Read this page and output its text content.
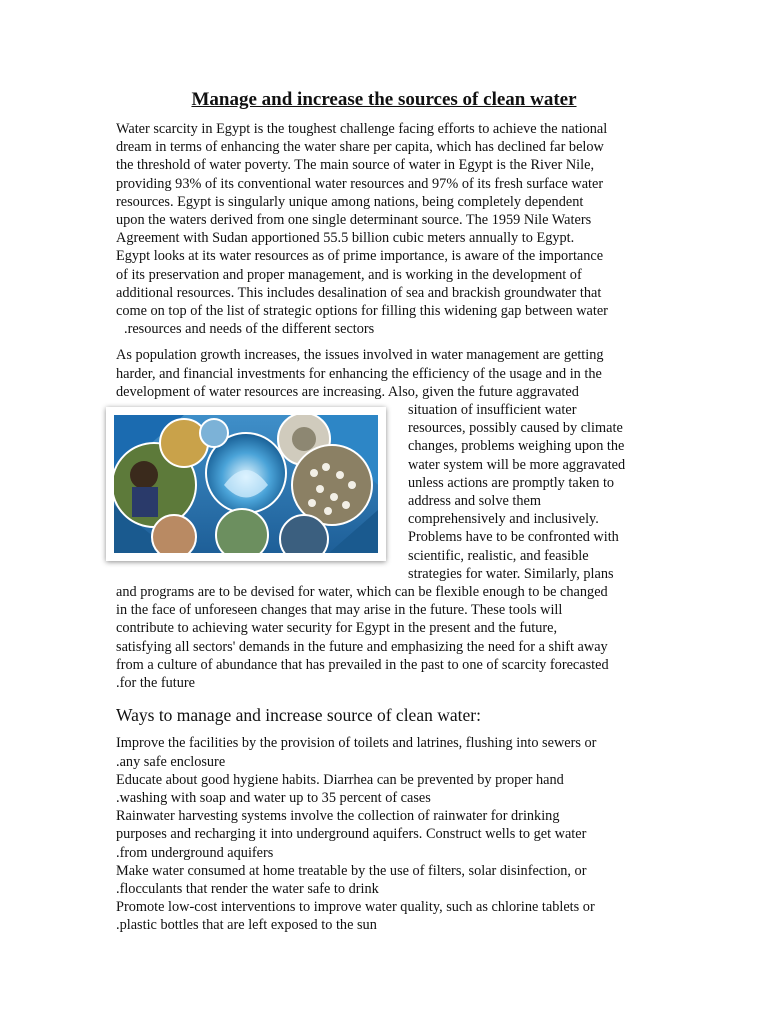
Manage and increase the sources of clean water
Water scarcity in Egypt is the toughest challenge facing efforts to achieve the national
dream in terms of enhancing the water share per capita, which has declined far below
the threshold of water poverty. The main source of water in Egypt is the River Nile,
providing 93% of its conventional water resources and 97% of its fresh surface water
resources. Egypt is singularly unique among nations, being completely dependent
upon the waters derived from one single determinant source. The 1959 Nile Waters
Agreement with Sudan apportioned 55.5 billion cubic meters annually to Egypt.
Egypt looks at its water resources as of prime importance, is aware of the importance
of its preservation and proper management, and is working in the development of
additional resources. This includes desalination of sea and brackish groundwater that
come on top of the list of strategic options for filling this widening gap between water
.resources and needs of the different sectors
As population growth increases, the issues involved in water management are getting
harder, and financial investments for enhancing the efficiency of the usage and in the
development of water resources are increasing. Also, given the future aggravated
situation of insufficient water
resources, possibly caused by climate
changes, problems weighing upon the
water system will be more aggravated
unless actions are promptly taken to
address and solve them
comprehensively and inclusively.
Problems have to be confronted with
scientific, realistic, and feasible
strategies for water. Similarly, plans
and programs are to be devised for water, which can be flexible enough to be changed
in the face of unforeseen changes that may arise in the future. These tools will
contribute to achieving water security for Egypt in the present and the future,
satisfying all sectors' demands in the future and emphasizing the need for a shift away
from a culture of abundance that has prevailed in the past to one of scarcity forecasted
.for the future
Ways to manage and increase source of clean water:
Improve the facilities by the provision of toilets and latrines, flushing into sewers or
.any safe enclosure
Educate about good hygiene habits. Diarrhea can be prevented by proper hand
.washing with soap and water up to 35 percent of cases
Rainwater harvesting systems involve the collection of rainwater for drinking
purposes and recharging it into underground aquifers. Construct wells to get water
.from underground aquifers
Make water consumed at home treatable by the use of filters, solar disinfection, or
.flocculants that render the water safe to drink
Promote low-cost interventions to improve water quality, such as chlorine tablets or
.plastic bottles that are left exposed to the sun
